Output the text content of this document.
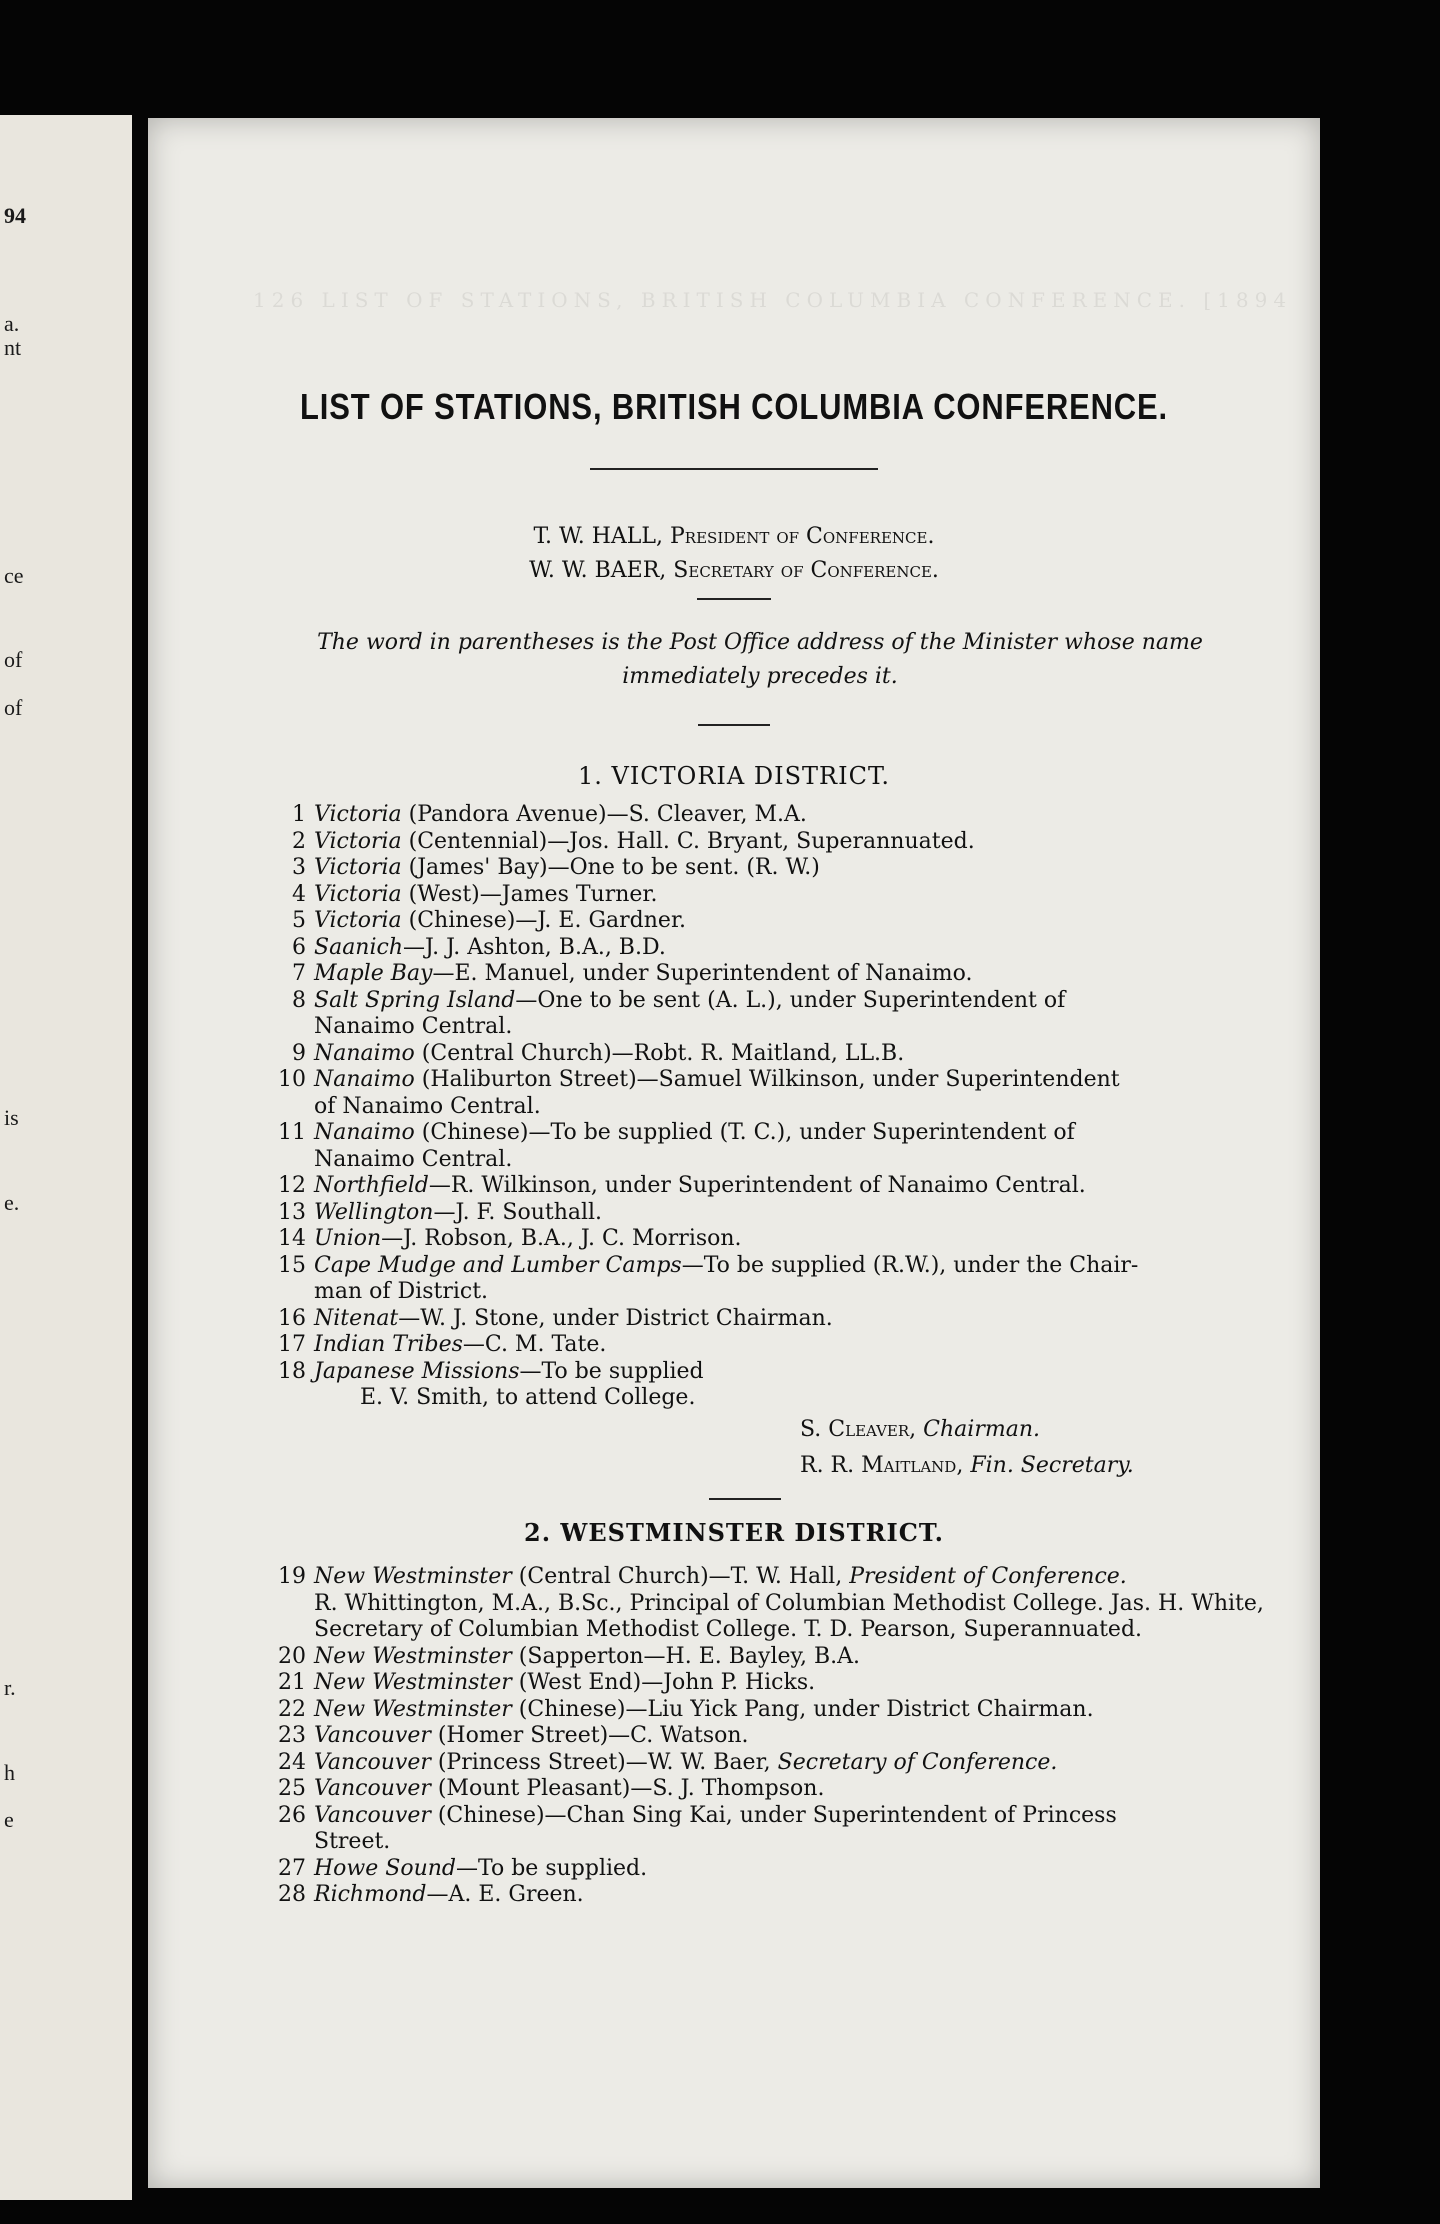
94
a.
nt
ce
of
of
is
e.
r.
h
e
126 LIST OF STATIONS, BRITISH COLUMBIA CONFERENCE. [1894
LIST OF STATIONS, BRITISH COLUMBIA CONFERENCE.
T. W. HALL, President of Conference.
W. W. BAER, Secretary of Conference.
The word in parentheses is the Post Office address of the Minister whose name immediately precedes it.
1. VICTORIA DISTRICT.
1 Victoria (Pandora Avenue)—S. Cleaver, M.A.
2 Victoria (Centennial)—Jos. Hall. C. Bryant, Superannuated.
3 Victoria (James' Bay)—One to be sent. (R. W.)
4 Victoria (West)—James Turner.
5 Victoria (Chinese)—J. E. Gardner.
6 Saanich—J. J. Ashton, B.A., B.D.
7 Maple Bay—E. Manuel, under Superintendent of Nanaimo.
8 Salt Spring Island—One to be sent (A. L.), under Superintendent of
Nanaimo Central.
9 Nanaimo (Central Church)—Robt. R. Maitland, LL.B.
10 Nanaimo (Haliburton Street)—Samuel Wilkinson, under Superintendent
of Nanaimo Central.
11 Nanaimo (Chinese)—To be supplied (T. C.), under Superintendent of
Nanaimo Central.
12 Northfield—R. Wilkinson, under Superintendent of Nanaimo Central.
13 Wellington—J. F. Southall.
14 Union—J. Robson, B.A., J. C. Morrison.
15 Cape Mudge and Lumber Camps—To be supplied (R.W.), under the Chair-
man of District.
16 Nitenat—W. J. Stone, under District Chairman.
17 Indian Tribes—C. M. Tate.
18 Japanese Missions—To be supplied
E. V. Smith, to attend College.
S. Cleaver, Chairman.
R. R. Maitland, Fin. Secretary.
2. WESTMINSTER DISTRICT.
19 New Westminster (Central Church)—T. W. Hall, President of Conference.
R. Whittington, M.A., B.Sc., Principal of Columbian Methodist College. Jas. H. White, Secretary of Columbian Methodist College. T. D. Pearson, Superannuated.
20 New Westminster (Sapperton—H. E. Bayley, B.A.
21 New Westminster (West End)—John P. Hicks.
22 New Westminster (Chinese)—Liu Yick Pang, under District Chairman.
23 Vancouver (Homer Street)—C. Watson.
24 Vancouver (Princess Street)—W. W. Baer, Secretary of Conference.
25 Vancouver (Mount Pleasant)—S. J. Thompson.
26 Vancouver (Chinese)—Chan Sing Kai, under Superintendent of Princess
Street.
27 Howe Sound—To be supplied.
28 Richmond—A. E. Green.
